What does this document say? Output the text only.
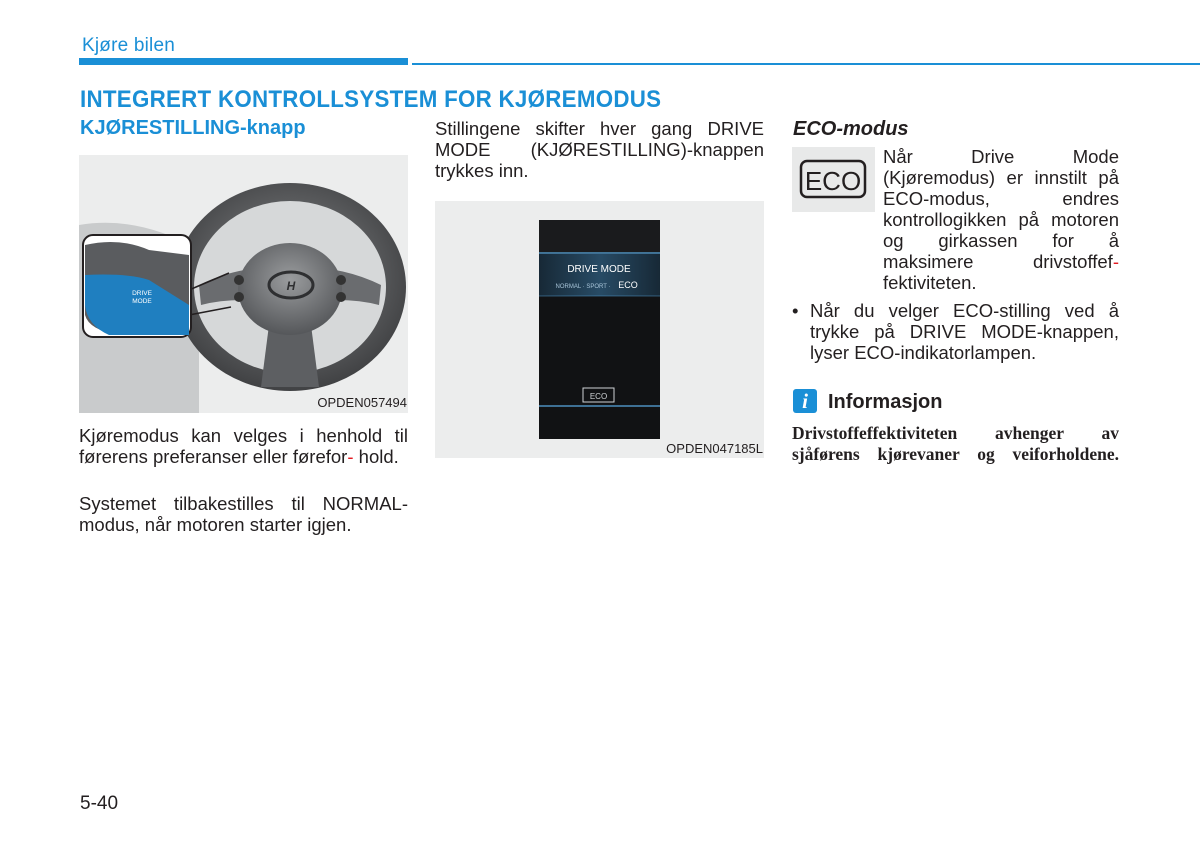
Kjøre bilen
INTEGRERT KONTROLLSYSTEM FOR KJØREMODUS
KJØRESTILLING-knapp
H
DRIVE
MODE
OPDEN057494
Kjøremodus kan velges i henhold til førerens preferanser eller førefor- hold.
Systemet tilbakestilles til NORMAL-modus, når motoren starter igjen.
Stillingene skifter hver gang DRIVE MODE (KJØRESTILLING)-knappen trykkes inn.
DRIVE MODE
NORMAL · SPORT · ECO
ECO
OPDEN047185L
ECO-modus
ECO
Når Drive Mode (Kjøremodus) er innstilt på ECO-modus, endres kontrollogikken på motoren og girkassen for å maksimere drivstoffef- fektiviteten.
• Når du velger ECO-stilling ved å trykke på DRIVE MODE-knappen, lyser ECO-indikatorlampen.
i	Informasjon
Drivstoffeffektiviteten avhenger av sjåførens kjørevaner og veiforholdene.
5-40
